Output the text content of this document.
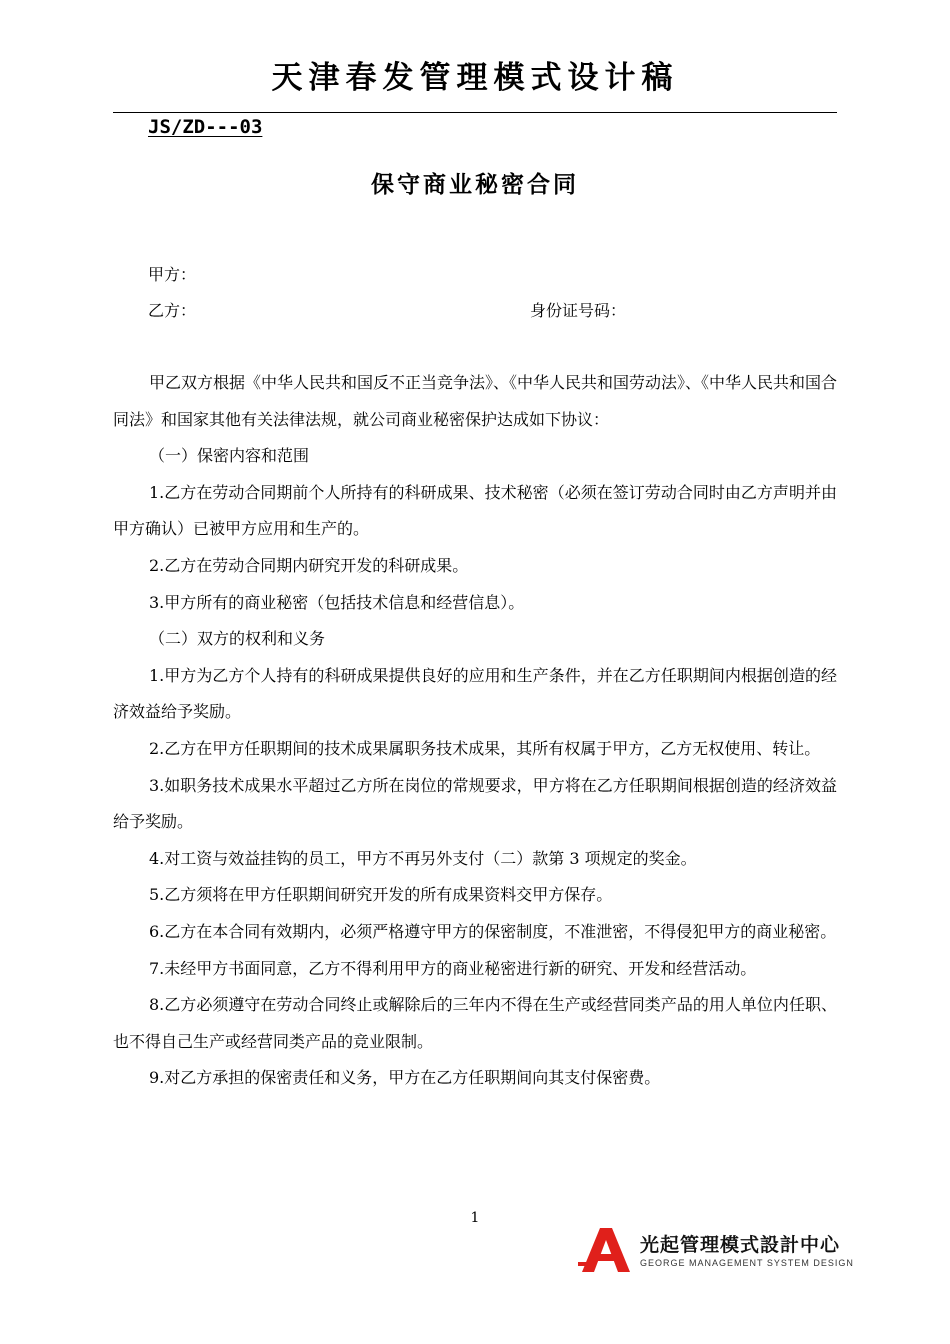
天津春发管理模式设计稿
JS/ZD---03
保守商业秘密合同
甲方：
乙方：	身份证号码：

甲乙双方根据《中华人民共和国反不正当竞争法》、《中华人民共和国劳动法》、《中华人民共和国合同法》和国家其他有关法律法规，就公司商业秘密保护达成如下协议：

（一）保密内容和范围

1.乙方在劳动合同期前个人所持有的科研成果、技术秘密（必须在签订劳动合同时由乙方声明并由甲方确认）已被甲方应用和生产的。

2.乙方在劳动合同期内研究开发的科研成果。

3.甲方所有的商业秘密（包括技术信息和经营信息）。

（二）双方的权利和义务

1.甲方为乙方个人持有的科研成果提供良好的应用和生产条件，并在乙方任职期间内根据创造的经济效益给予奖励。

2.乙方在甲方任职期间的技术成果属职务技术成果，其所有权属于甲方，乙方无权使用、转让。

3.如职务技术成果水平超过乙方所在岗位的常规要求，甲方将在乙方任职期间根据创造的经济效益给予奖励。

4.对工资与效益挂钩的员工，甲方不再另外支付（二）款第 3 项规定的奖金。

5.乙方须将在甲方任职期间研究开发的所有成果资料交甲方保存。

6.乙方在本合同有效期内，必须严格遵守甲方的保密制度，不准泄密，不得侵犯甲方的商业秘密。

7.未经甲方书面同意，乙方不得利用甲方的商业秘密进行新的研究、开发和经营活动。

8.乙方必须遵守在劳动合同终止或解除后的三年内不得在生产或经营同类产品的用人单位内任职、也不得自己生产或经营同类产品的竞业限制。

9.对乙方承担的保密责任和义务，甲方在乙方任职期间向其支付保密费。

1
光起管理模式設計中心
GEORGE MANAGEMENT SYSTEM DESIGN
